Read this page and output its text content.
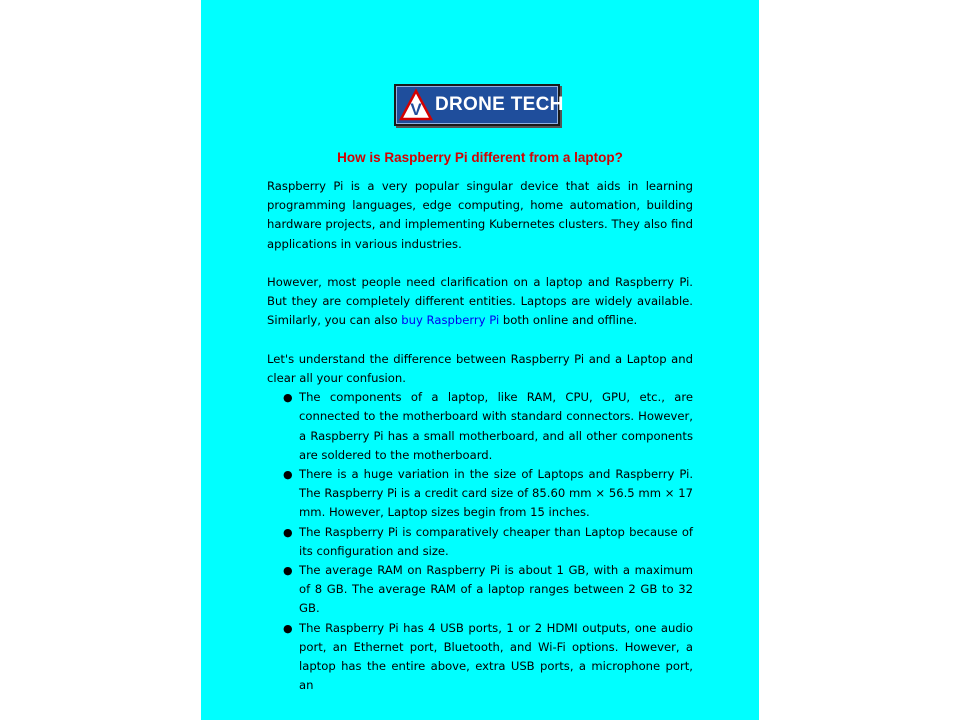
V DRONE TECH
How is Raspberry Pi different from a laptop?

Raspberry Pi is a very popular singular device that aids in learning programming languages, edge computing, home automation, building hardware projects, and implementing Kubernetes clusters. They also find applications in various industries.

However, most people need clarification on a laptop and Raspberry Pi. But they are completely different entities. Laptops are widely available. Similarly, you can also buy Raspberry Pi both online and offline.

Let's understand the difference between Raspberry Pi and a Laptop and clear all your confusion.

● The components of a laptop, like RAM, CPU, GPU, etc., are connected to the motherboard with standard connectors. However, a Raspberry Pi has a small motherboard, and all other components are soldered to the motherboard.
● There is a huge variation in the size of Laptops and Raspberry Pi. The Raspberry Pi is a credit card size of 85.60 mm × 56.5 mm × 17 mm. However, Laptop sizes begin from 15 inches.
● The Raspberry Pi is comparatively cheaper than Laptop because of its configuration and size.
● The average RAM on Raspberry Pi is about 1 GB, with a maximum of 8 GB. The average RAM of a laptop ranges between 2 GB to 32 GB.
● The Raspberry Pi has 4 USB ports, 1 or 2 HDMI outputs, one audio port, an Ethernet port, Bluetooth, and Wi-Fi options. However, a laptop has the entire above, extra USB ports, a microphone port, an
